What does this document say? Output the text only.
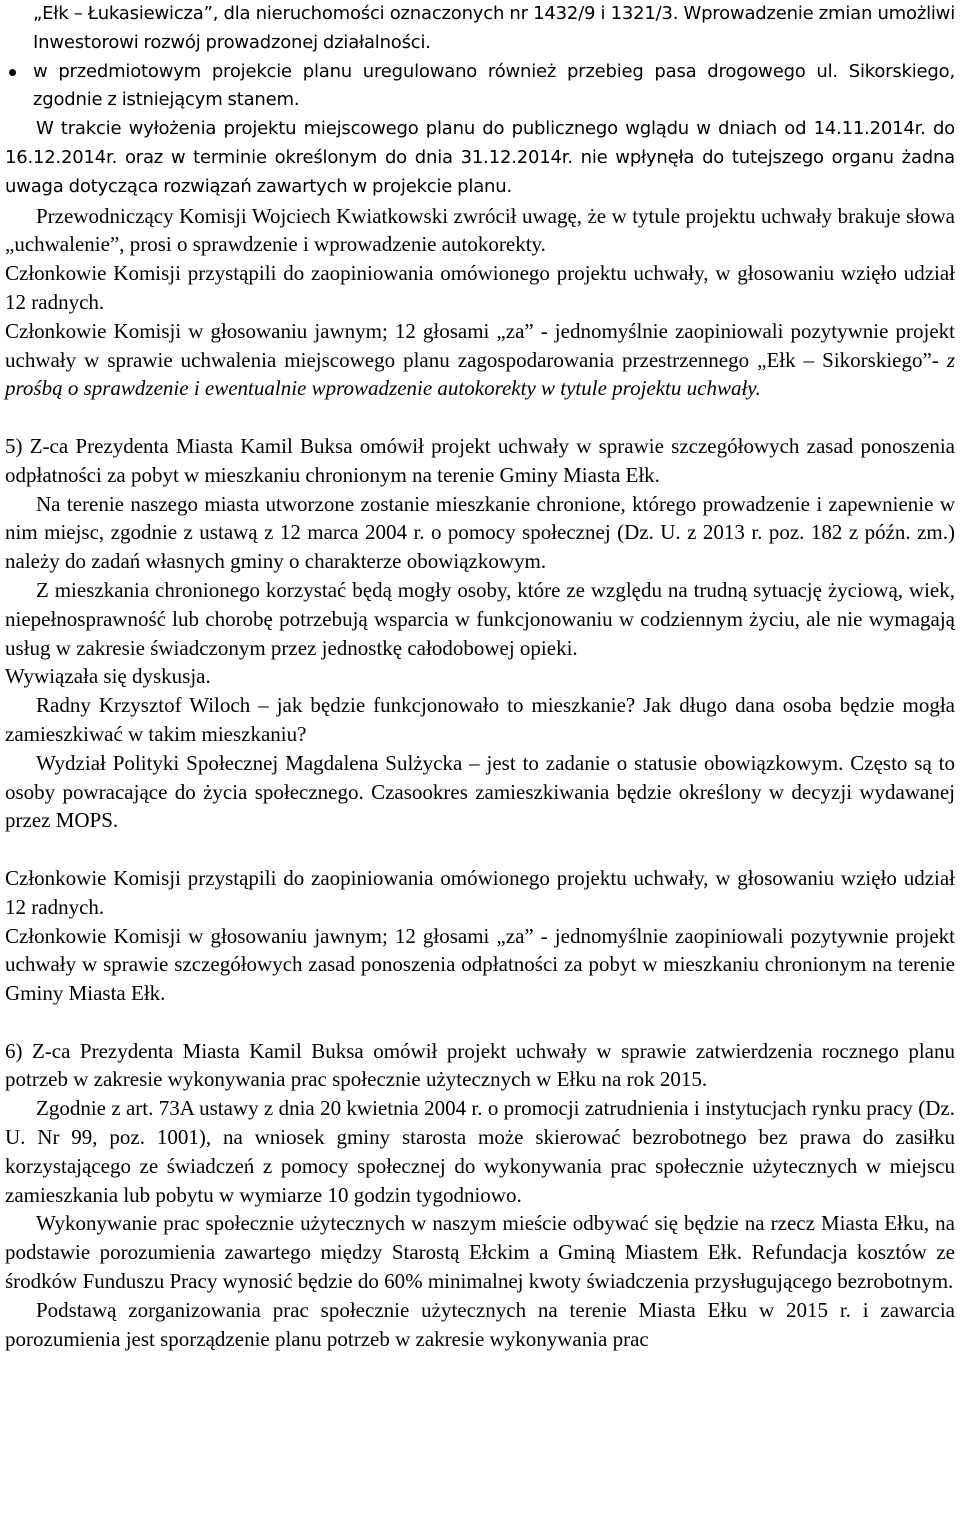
„Ełk – Łukasiewicza”, dla nieruchomości oznaczonych nr 1432/9 i 1321/3. Wprowadzenie zmian umożliwi Inwestorowi rozwój prowadzonej działalności.

w przedmiotowym projekcie planu uregulowano również przebieg pasa drogowego ul. Sikorskiego, zgodnie z istniejącym stanem.

W trakcie wyłożenia projektu miejscowego planu do publicznego wglądu w dniach od 14.11.2014r. do 16.12.2014r. oraz w terminie określonym do dnia 31.12.2014r. nie wpłynęła do tutejszego organu żadna uwaga dotycząca rozwiązań zawartych w projekcie planu.

Przewodniczący Komisji Wojciech Kwiatkowski zwrócił uwagę, że w tytule projektu uchwały brakuje słowa „uchwalenie”, prosi o sprawdzenie i wprowadzenie autokorekty.

Członkowie Komisji przystąpili do zaopiniowania omówionego projektu uchwały, w głosowaniu wzięło udział 12 radnych.

Członkowie Komisji w głosowaniu jawnym; 12 głosami „za” - jednomyślnie zaopiniowali pozytywnie projekt uchwały w sprawie uchwalenia miejscowego planu zagospodarowania przestrzennego „Ełk – Sikorskiego”- z prośbą o sprawdzenie i ewentualnie wprowadzenie autokorekty w tytule projektu uchwały.

5) Z-ca Prezydenta Miasta Kamil Buksa omówił projekt uchwały w sprawie szczegółowych zasad ponoszenia odpłatności za pobyt w mieszkaniu chronionym na terenie Gminy Miasta Ełk.

Na terenie naszego miasta utworzone zostanie mieszkanie chronione, którego prowadzenie i zapewnienie w nim miejsc, zgodnie z ustawą z 12 marca 2004 r. o pomocy społecznej (Dz. U. z 2013 r. poz. 182 z późn. zm.) należy do zadań własnych gminy o charakterze obowiązkowym.

Z mieszkania chronionego korzystać będą mogły osoby, które ze względu na trudną sytuację życiową, wiek, niepełnosprawność lub chorobę potrzebują wsparcia w funkcjonowaniu w codziennym życiu, ale nie wymagają usług w zakresie świadczonym przez jednostkę całodobowej opieki.

Wywiązała się dyskusja.

Radny Krzysztof Wiloch – jak będzie funkcjonowało to mieszkanie? Jak długo dana osoba będzie mogła zamieszkiwać w takim mieszkaniu?

Wydział Polityki Społecznej Magdalena Sulżycka – jest to zadanie o statusie obowiązkowym. Często są to osoby powracające do życia społecznego. Czasookres zamieszkiwania będzie określony w decyzji wydawanej przez MOPS.

Członkowie Komisji przystąpili do zaopiniowania omówionego projektu uchwały, w głosowaniu wzięło udział 12 radnych.

Członkowie Komisji w głosowaniu jawnym; 12 głosami „za” - jednomyślnie zaopiniowali pozytywnie projekt uchwały w sprawie szczegółowych zasad ponoszenia odpłatności za pobyt w mieszkaniu chronionym na terenie Gminy Miasta Ełk.

6) Z-ca Prezydenta Miasta Kamil Buksa omówił projekt uchwały w sprawie zatwierdzenia rocznego planu potrzeb w zakresie wykonywania prac społecznie użytecznych w Ełku na rok 2015.

Zgodnie z art. 73A ustawy z dnia 20 kwietnia 2004 r. o promocji zatrudnienia i instytucjach rynku pracy (Dz. U. Nr 99, poz. 1001), na wniosek gminy starosta może skierować bezrobotnego bez prawa do zasiłku korzystającego ze świadczeń z pomocy społecznej do wykonywania prac społecznie użytecznych w miejscu zamieszkania lub pobytu w wymiarze 10 godzin tygodniowo.

Wykonywanie prac społecznie użytecznych w naszym mieście odbywać się będzie na rzecz Miasta Ełku, na podstawie porozumienia zawartego między Starostą Ełckim a Gminą Miastem Ełk. Refundacja kosztów ze środków Funduszu Pracy wynosić będzie do 60% minimalnej kwoty świadczenia przysługującego bezrobotnym.

Podstawą zorganizowania prac społecznie użytecznych na terenie Miasta Ełku w 2015 r. i zawarcia porozumienia jest sporządzenie planu potrzeb w zakresie wykonywania prac
